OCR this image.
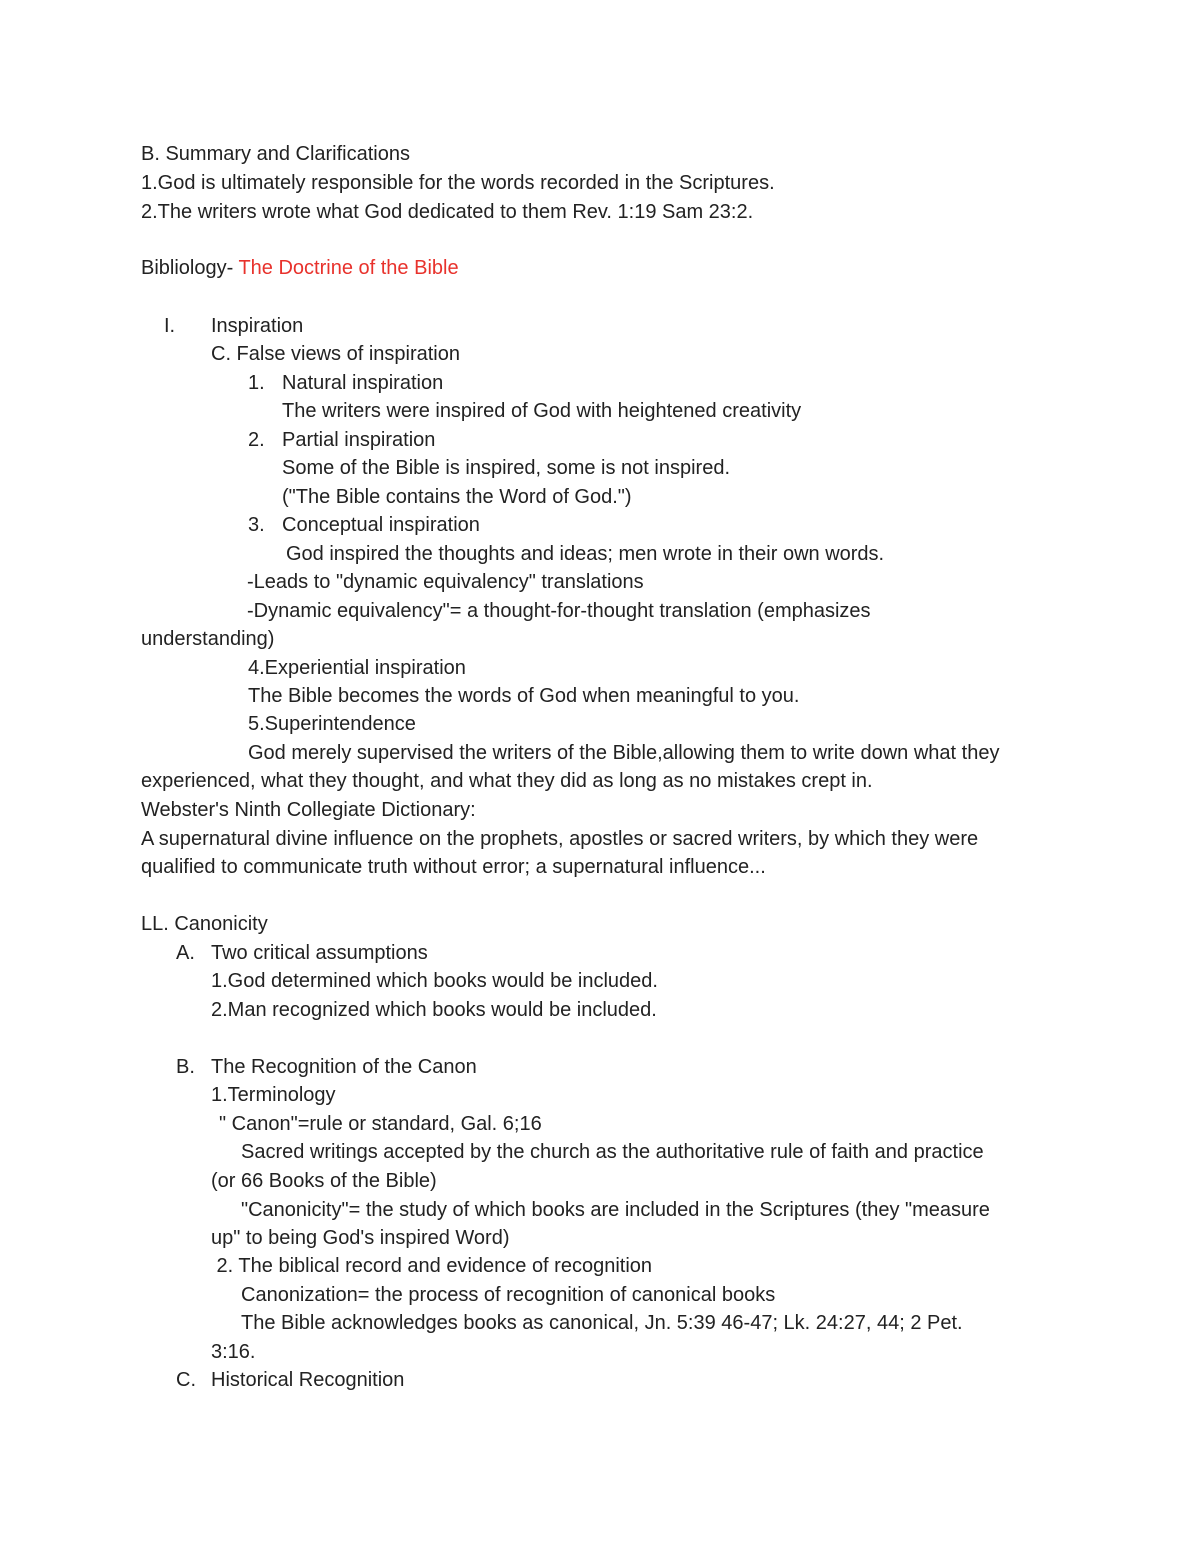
B. Summary and Clarifications
1.God is ultimately responsible for the words recorded in the Scriptures.
2.The writers wrote what God dedicated to them Rev. 1:19 Sam 23:2.
Bibliology- The Doctrine of the Bible
I. Inspiration
C. False views of inspiration
1. Natural inspiration
The writers were inspired of God with heightened creativity
2. Partial inspiration
Some of the Bible is inspired, some is not inspired.
("The Bible contains the Word of God.")
3. Conceptual inspiration
God inspired the thoughts and ideas; men wrote in their own words.
-Leads to "dynamic equivalency" translations
-Dynamic equivalency"= a thought-for-thought translation (emphasizes
understanding)
4.Experiential inspiration
The Bible becomes the words of God when meaningful to you.
5.Superintendence
God merely supervised the writers of the Bible,allowing them to write down what they
experienced, what they thought, and what they did as long as no mistakes crept in.
Webster's Ninth Collegiate Dictionary:
A supernatural divine influence on the prophets, apostles or sacred writers, by which they were
qualified to communicate truth without error; a supernatural influence...
LL. Canonicity
A. Two critical assumptions
1.God determined which books would be included.
2.Man recognized which books would be included.
B. The Recognition of the Canon
1.Terminology
" Canon"=rule or standard, Gal. 6;16
Sacred writings accepted by the church as the authoritative rule of faith and practice
(or 66 Books of the Bible)
"Canonicity"= the study of which books are included in the Scriptures (they "measure
up" to being God's inspired Word)
2. The biblical record and evidence of recognition
Canonization= the process of recognition of canonical books
The Bible acknowledges books as canonical, Jn. 5:39 46-47; Lk. 24:27, 44; 2 Pet.
3:16.
C. Historical Recognition
